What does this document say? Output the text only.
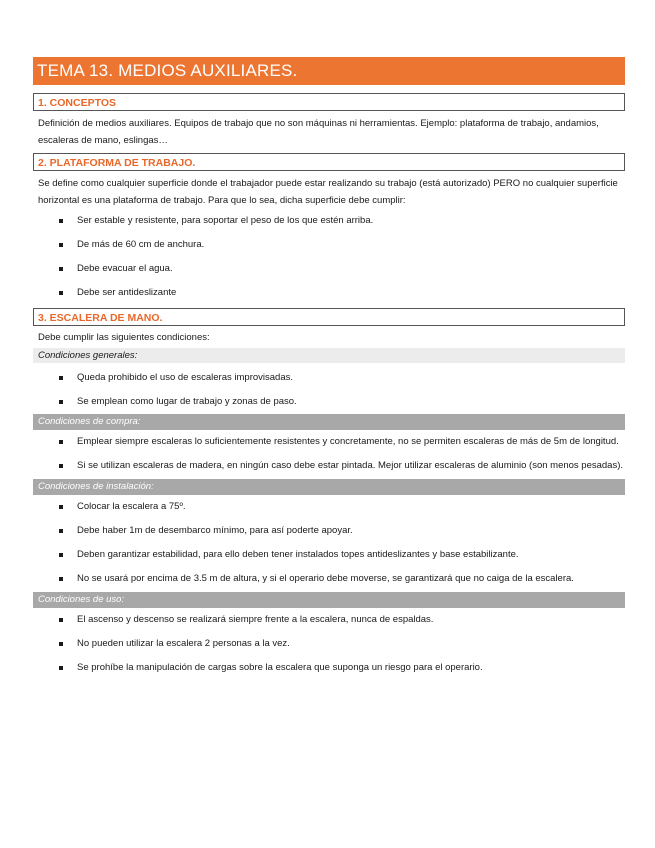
TEMA 13. MEDIOS AUXILIARES.
1. CONCEPTOS
Definición de medios auxiliares. Equipos de trabajo que no son máquinas ni herramientas. Ejemplo: plataforma de trabajo, andamios,
escaleras de mano, eslingas…
2. PLATAFORMA DE TRABAJO.
Se define como cualquier superficie donde el trabajador puede estar realizando su trabajo (está autorizado) PERO no cualquier superficie
horizontal es una plataforma de trabajo. Para que lo sea, dicha superficie debe cumplir:
Ser estable y resistente, para soportar el peso de los que estén arriba.
De más de 60 cm de anchura.
Debe evacuar el agua.
Debe ser antideslizante
3. ESCALERA DE MANO.
Debe cumplir las siguientes condiciones:
Condiciones generales:
Queda prohibido el uso de escaleras improvisadas.
Se emplean como lugar de trabajo y zonas de paso.
Condiciones de compra:
Emplear siempre escaleras lo suficientemente resistentes y concretamente, no se permiten escaleras de más de 5m de longitud.
Si se utilizan escaleras de madera, en ningún caso debe estar pintada. Mejor utilizar escaleras de aluminio (son menos pesadas).
Condiciones de instalación:
Colocar la escalera a 75º.
Debe haber 1m de desembarco mínimo, para así poderte apoyar.
Deben garantizar estabilidad, para ello deben tener instalados topes antideslizantes y base estabilizante.
No se usará por encima de 3.5 m de altura, y si el operario debe moverse, se garantizará que no caiga de la escalera.
Condiciones de uso:
El ascenso y descenso se realizará siempre frente a la escalera, nunca de espaldas.
No pueden utilizar la escalera 2 personas a la vez.
Se prohíbe la manipulación de cargas sobre la escalera que suponga un riesgo para el operario.
